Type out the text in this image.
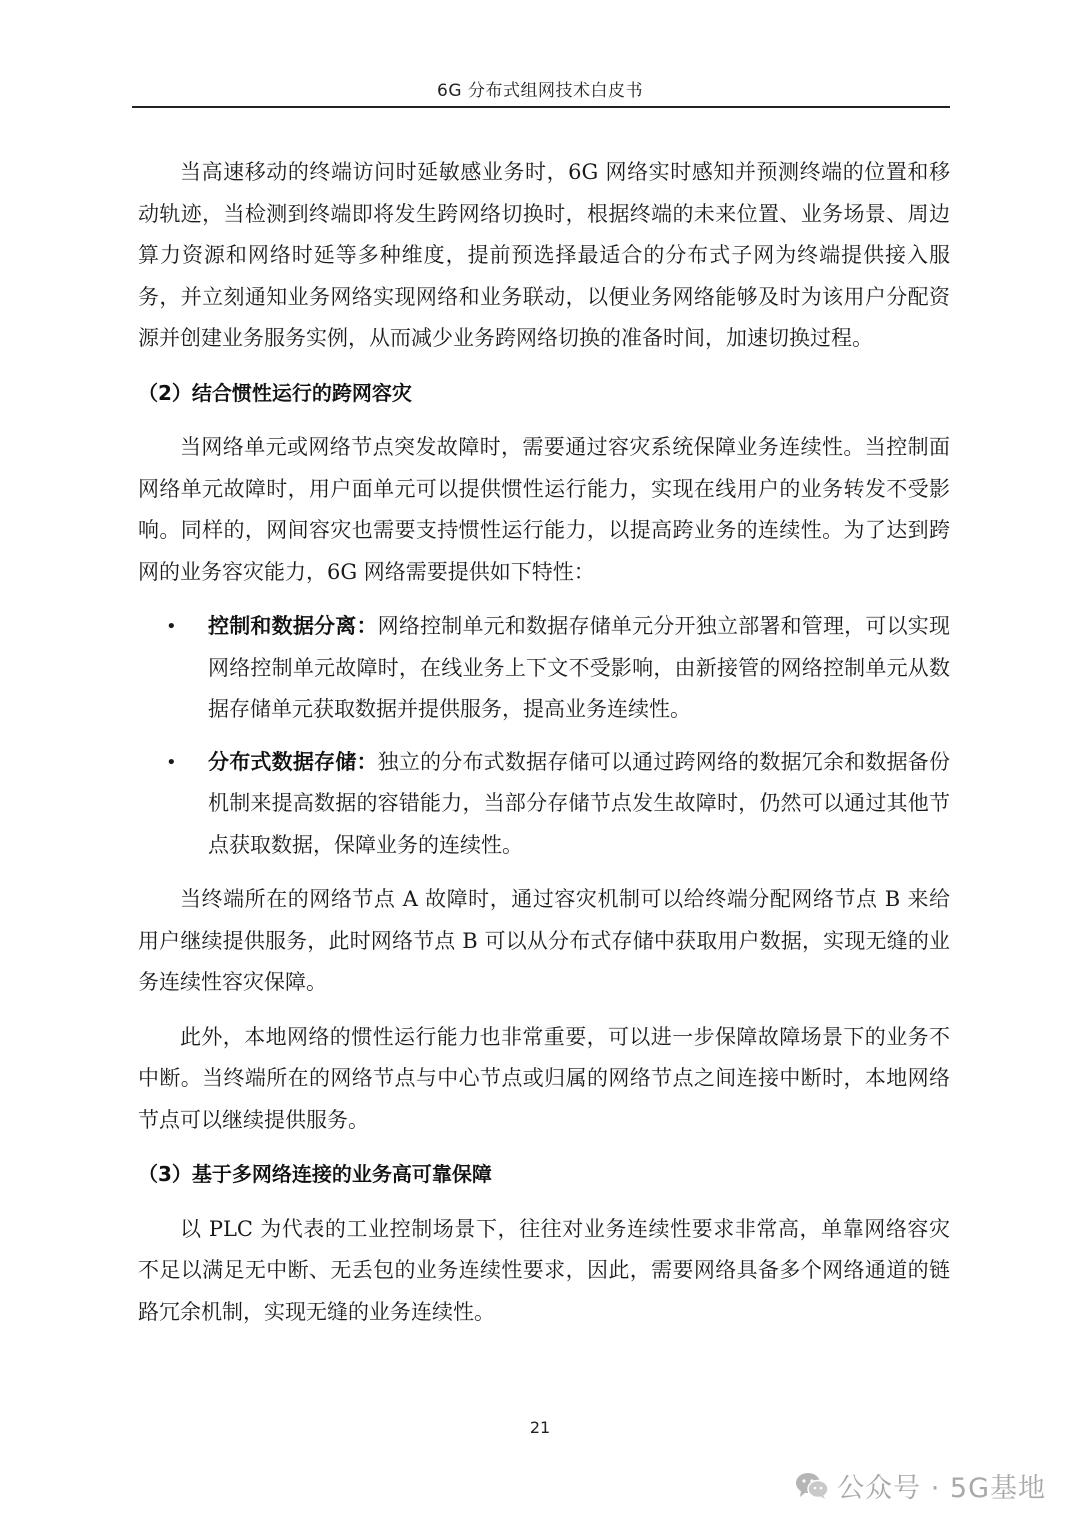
6G 分布式组网技术白皮书

当高速移动的终端访问时延敏感业务时，6G 网络实时感知并预测终端的位置和移动轨迹，当检测到终端即将发生跨网络切换时，根据终端的未来位置、业务场景、周边算力资源和网络时延等多种维度，提前预选择最适合的分布式子网为终端提供接入服务，并立刻通知业务网络实现网络和业务联动，以便业务网络能够及时为该用户分配资源并创建业务服务实例，从而减少业务跨网络切换的准备时间，加速切换过程。

（2）结合惯性运行的跨网容灾

当网络单元或网络节点突发故障时，需要通过容灾系统保障业务连续性。当控制面网络单元故障时，用户面单元可以提供惯性运行能力，实现在线用户的业务转发不受影响。同样的，网间容灾也需要支持惯性运行能力，以提高跨业务的连续性。为了达到跨网的业务容灾能力，6G 网络需要提供如下特性：

• 控制和数据分离：网络控制单元和数据存储单元分开独立部署和管理，可以实现网络控制单元故障时，在线业务上下文不受影响，由新接管的网络控制单元从数据存储单元获取数据并提供服务，提高业务连续性。
• 分布式数据存储：独立的分布式数据存储可以通过跨网络的数据冗余和数据备份机制来提高数据的容错能力，当部分存储节点发生故障时，仍然可以通过其他节点获取数据，保障业务的连续性。

当终端所在的网络节点 A 故障时，通过容灾机制可以给终端分配网络节点 B 来给用户继续提供服务，此时网络节点 B 可以从分布式存储中获取用户数据，实现无缝的业务连续性容灾保障。

此外，本地网络的惯性运行能力也非常重要，可以进一步保障故障场景下的业务不中断。当终端所在的网络节点与中心节点或归属的网络节点之间连接中断时，本地网络节点可以继续提供服务。

（3）基于多网络连接的业务高可靠保障

以 PLC 为代表的工业控制场景下，往往对业务连续性要求非常高，单靠网络容灾不足以满足无中断、无丢包的业务连续性要求，因此，需要网络具备多个网络通道的链路冗余机制，实现无缝的业务连续性。

21
公众号 · 5G基地
